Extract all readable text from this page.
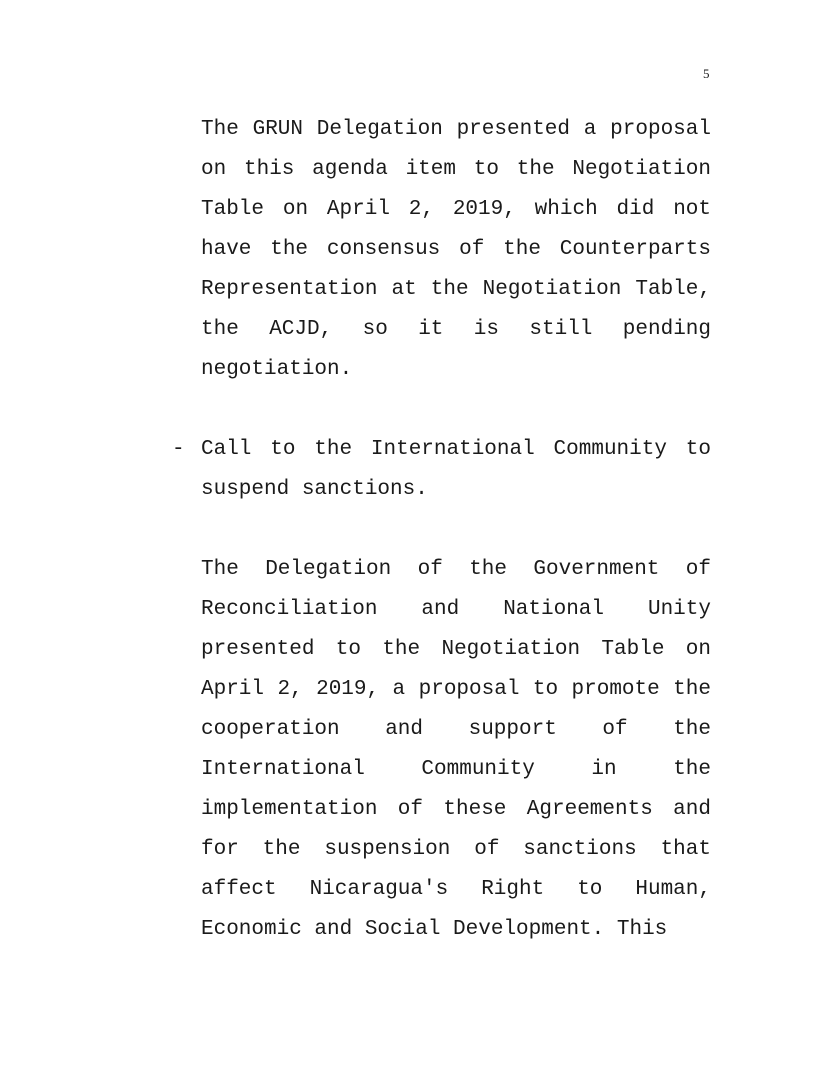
5

The GRUN Delegation presented a proposal on this agenda item to the Negotiation Table on April 2, 2019, which did not have the consensus of the Counterparts Representation at the Negotiation Table, the ACJD, so it is still pending negotiation.

- Call to the International Community to suspend sanctions.

The Delegation of the Government of Reconciliation and National Unity presented to the Negotiation Table on April 2, 2019, a proposal to promote the cooperation and support of the International Community in the implementation of these Agreements and for the suspension of sanctions that affect Nicaragua's Right to Human, Economic and Social Development. This
